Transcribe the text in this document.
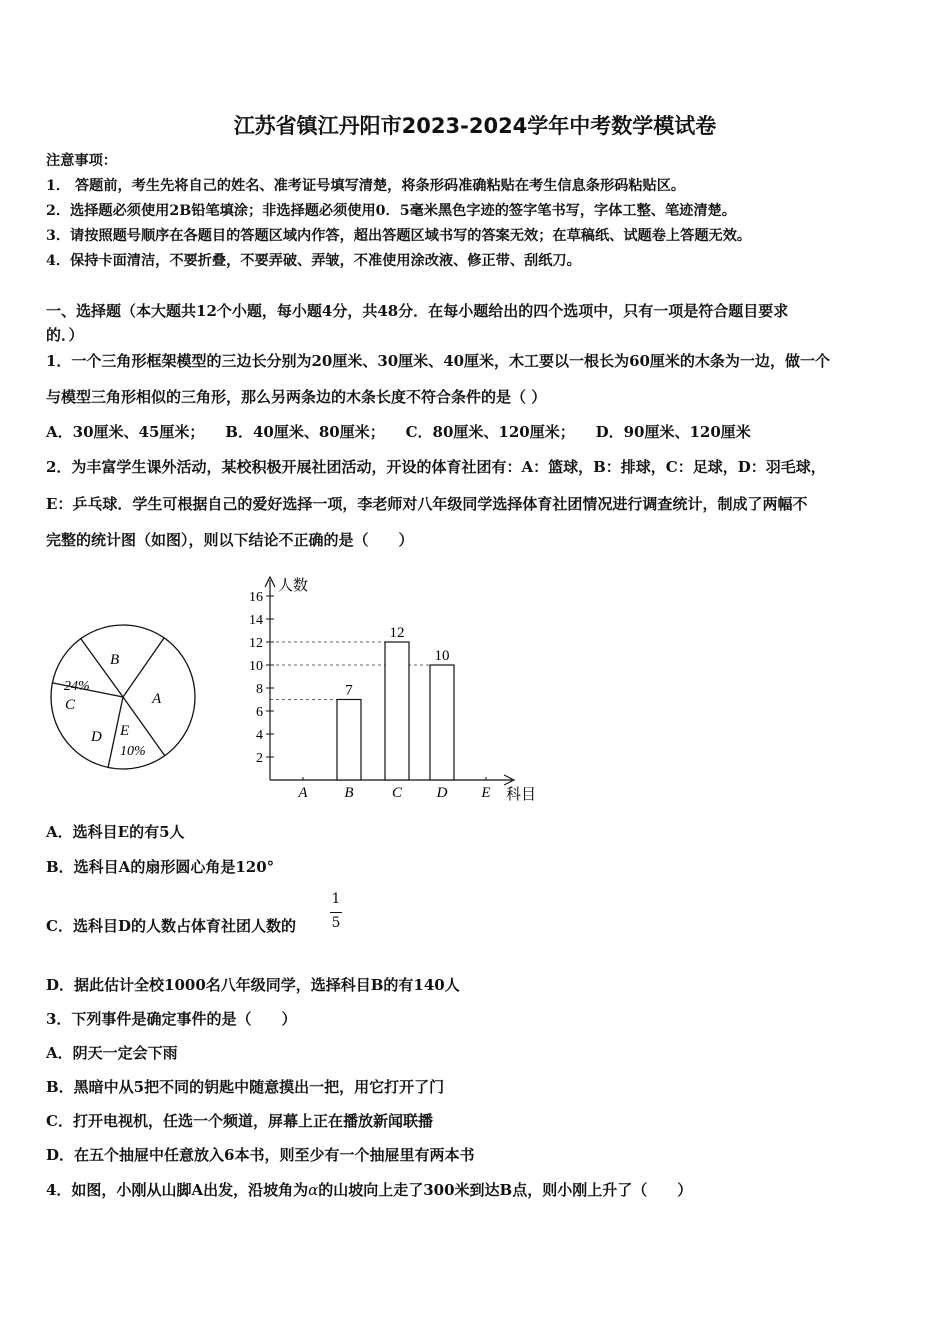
江苏省镇江丹阳市2023-2024学年中考数学模试卷
注意事项：
1． 答题前，考生先将自己的姓名、准考证号填写清楚，将条形码准确粘贴在考生信息条形码粘贴区。
2．选择题必须使用2B铅笔填涂；非选择题必须使用0．5毫米黑色字迹的签字笔书写，字体工整、笔迹清楚。
3．请按照题号顺序在各题目的答题区域内作答，超出答题区域书写的答案无效；在草稿纸、试题卷上答题无效。
4．保持卡面清洁，不要折叠，不要弄破、弄皱，不准使用涂改液、修正带、刮纸刀。
一、选择题（本大题共12个小题，每小题4分，共48分．在每小题给出的四个选项中，只有一项是符合题目要求
的．）
1．一个三角形框架模型的三边长分别为20厘米、30厘米、40厘米，木工要以一根长为60厘米的木条为一边，做一个
与模型三角形相似的三角形，那么另两条边的木条长度不符合条件的是（ ）
A．30厘米、45厘米；    B．40厘米、80厘米；    C．80厘米、120厘米；    D．90厘米、120厘米
2．为丰富学生课外活动，某校积极开展社团活动，开设的体育社团有：A：篮球，B：排球，C：足球，D：羽毛球，
E：乒乓球．学生可根据自己的爱好选择一项，李老师对八年级同学选择体育社团情况进行调查统计，制成了两幅不
完整的统计图（如图），则以下结论不正确的是（　　）
B
A
E
D
C
24%
10%
人数
科目
2
4
6
8
10
12
14
16
A B	C D E
7
12
10
A．选科目E的有5人
B．选科目A的扇形圆心角是120°
C．选科目D的人数占体育社团人数的
1
5
D．据此估计全校1000名八年级同学，选择科目B的有140人
3．下列事件是确定事件的是（　　）
A．阴天一定会下雨
B．黑暗中从5把不同的钥匙中随意摸出一把，用它打开了门
C．打开电视机，任选一个频道，屏幕上正在播放新闻联播
D．在五个抽屉中任意放入6本书，则至少有一个抽屉里有两本书
4．如图，小刚从山脚A出发，沿坡角为α的山坡向上走了300米到达B点，则小刚上升了（　　）
